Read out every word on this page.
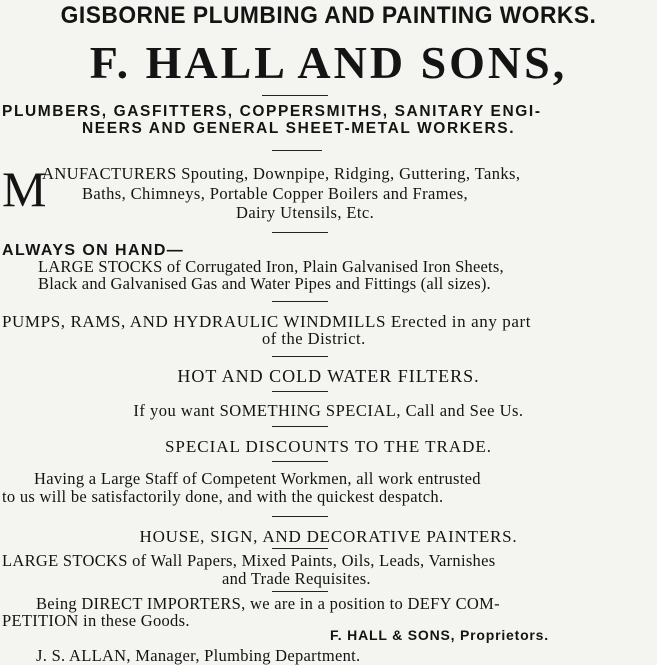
GISBORNE PLUMBING AND PAINTING WORKS.
F. HALL AND SONS,
PLUMBERS, GASFITTERS, COPPERSMITHS, SANITARY ENGI-
NEERS AND GENERAL SHEET-METAL WORKERS.
M
ANUFACTURERS Spouting, Downpipe, Ridging, Guttering, Tanks,
Baths, Chimneys, Portable Copper Boilers and Frames,
Dairy Utensils, Etc.
ALWAYS ON HAND—
LARGE STOCKS of Corrugated Iron, Plain Galvanised Iron Sheets,
Black and Galvanised Gas and Water Pipes and Fittings (all sizes).
PUMPS, RAMS, AND HYDRAULIC WINDMILLS Erected in any part
of the District.
HOT AND COLD WATER FILTERS.
If you want SOMETHING SPECIAL, Call and See Us.
SPECIAL DISCOUNTS TO THE TRADE.
Having a Large Staff of Competent Workmen, all work entrusted
to us will be satisfactorily done, and with the quickest despatch.
HOUSE, SIGN, AND DECORATIVE PAINTERS.
LARGE STOCKS of Wall Papers, Mixed Paints, Oils, Leads, Varnishes
and Trade Requisites.
Being DIRECT IMPORTERS, we are in a position to DEFY COM-
PETITION in these Goods.
F. HALL & SONS, Proprietors.
J. S. ALLAN, Manager, Plumbing Department.
